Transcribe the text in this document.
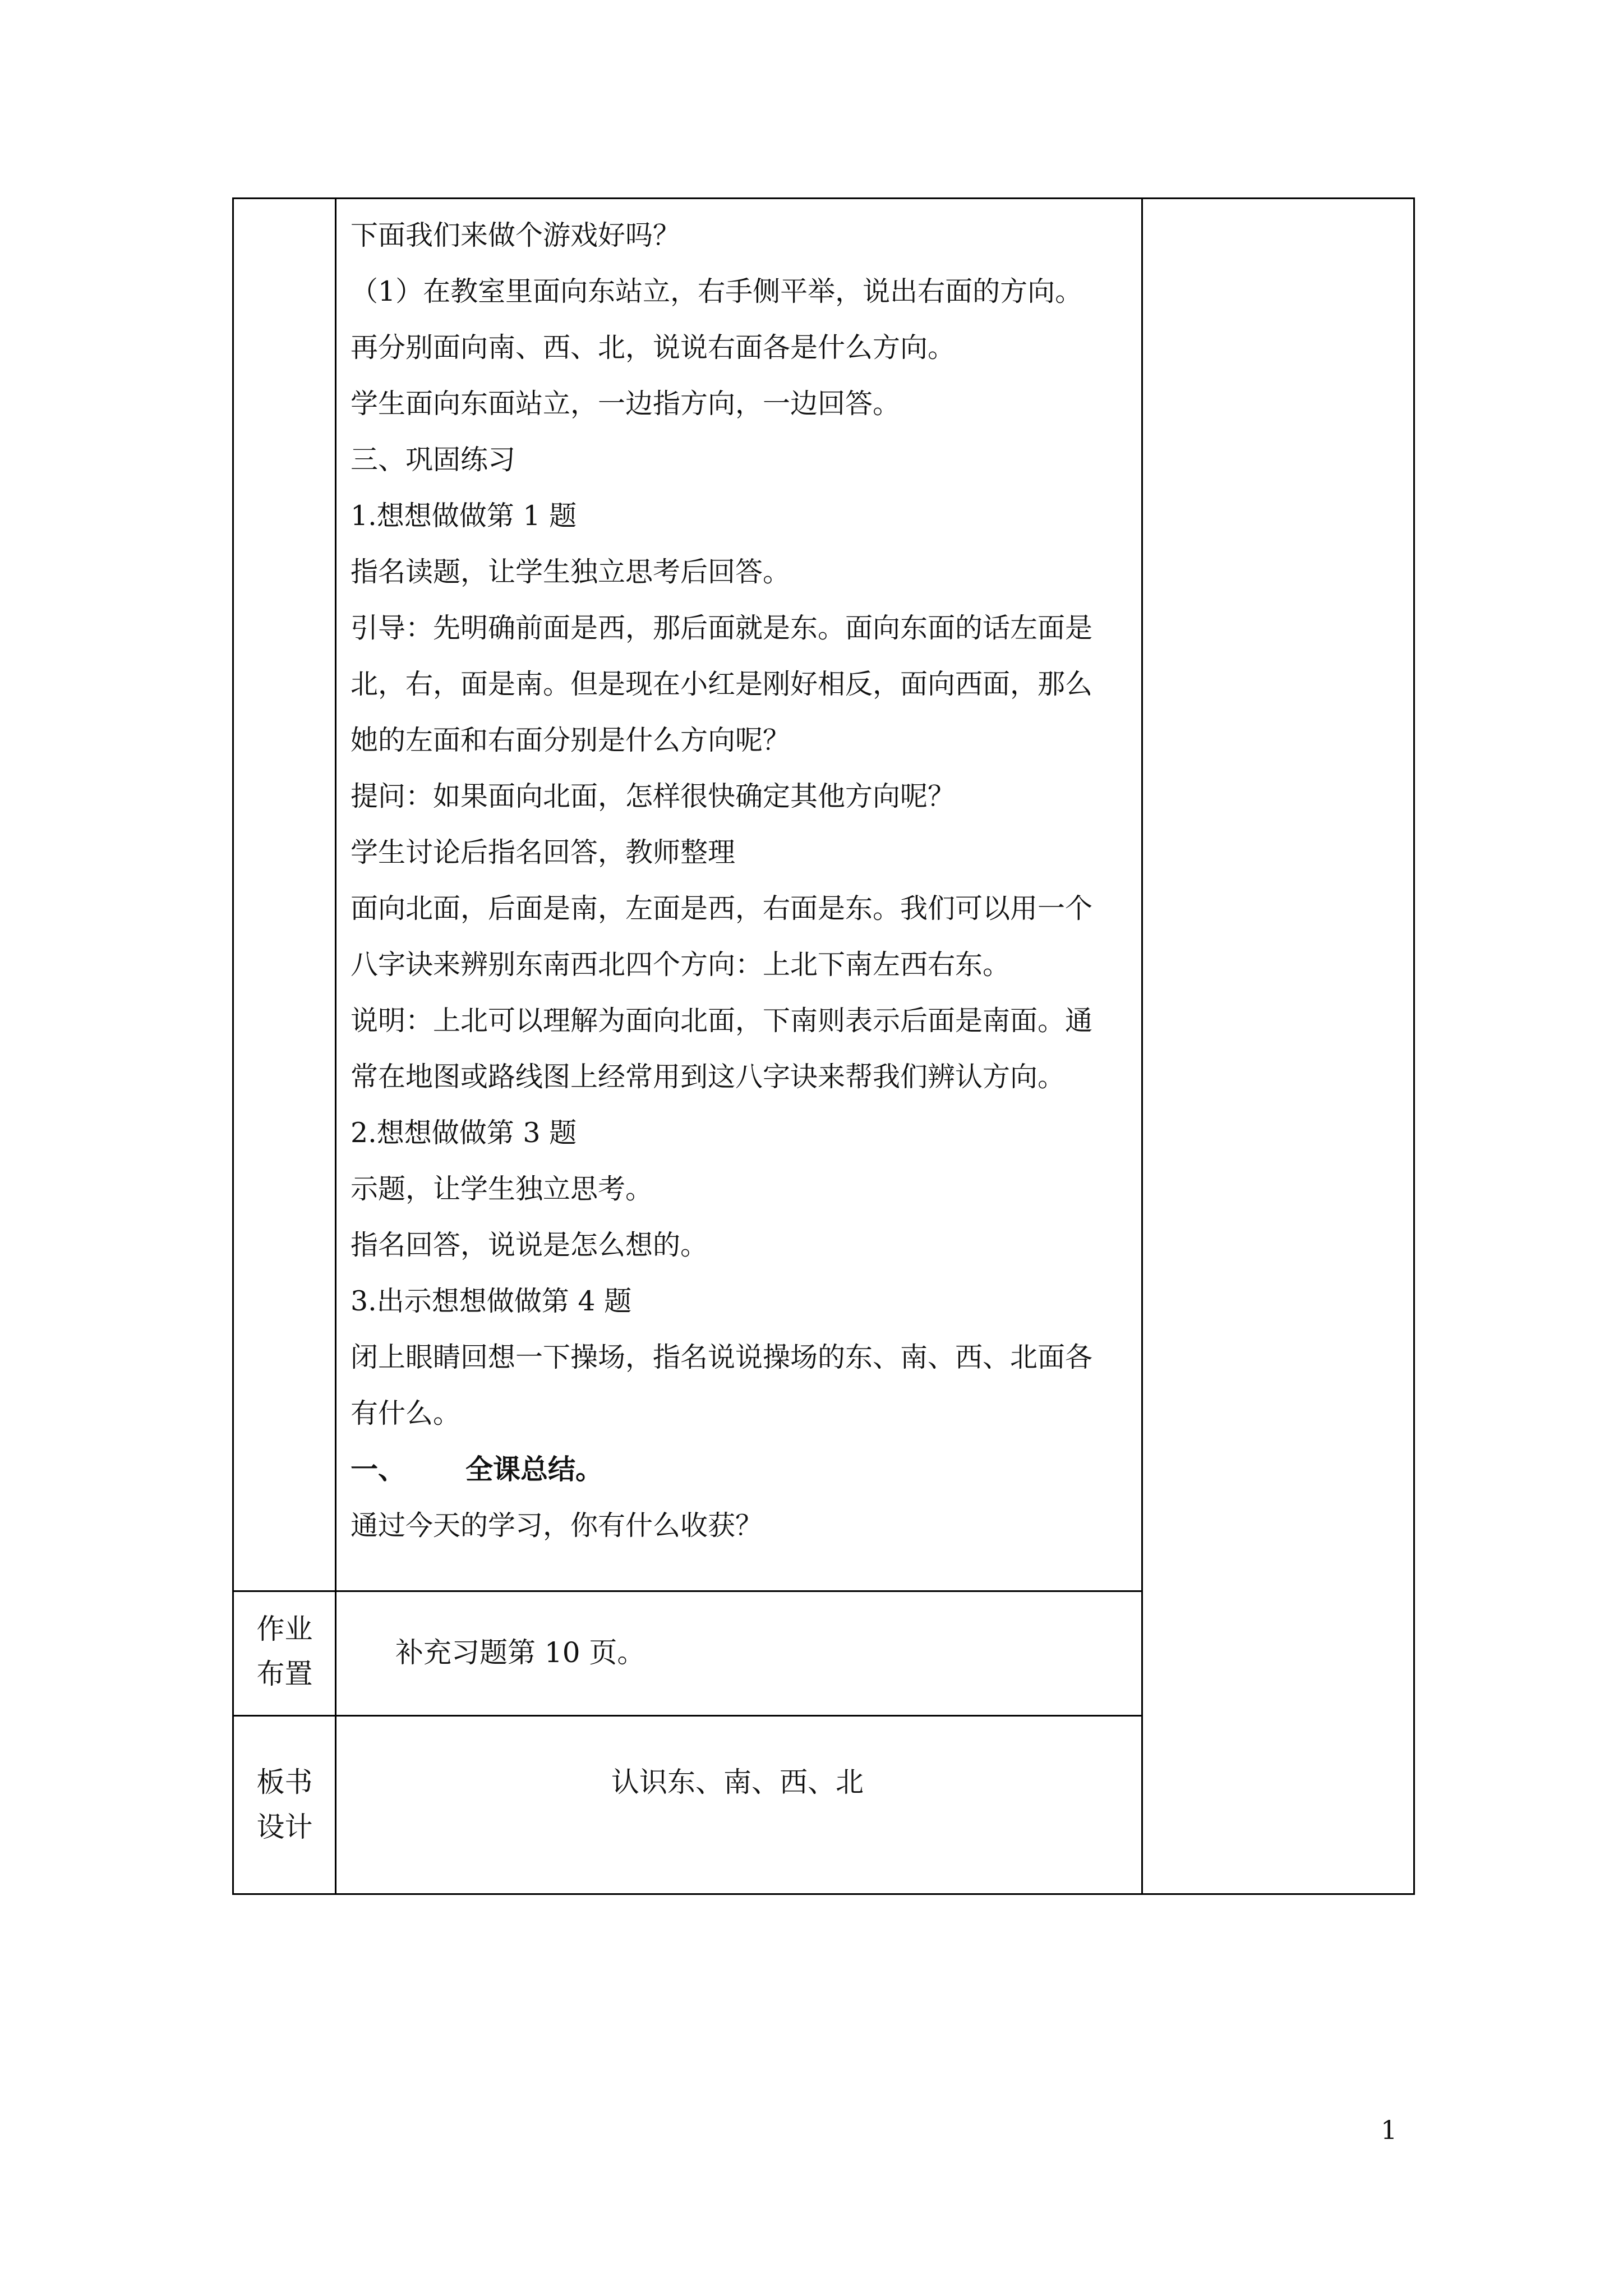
下面我们来做个游戏好吗？

（1）在教室里面向东站立，右手侧平举，说出右面的方向。

再分别面向南、西、北，说说右面各是什么方向。

学生面向东面站立，一边指方向，一边回答。

三、巩固练习

1.想想做做第 1 题

指名读题，让学生独立思考后回答。

引导：先明确前面是西，那后面就是东。面向东面的话左面是

北，右，面是南。但是现在小红是刚好相反，面向西面，那么

她的左面和右面分别是什么方向呢？

提问：如果面向北面，怎样很快确定其他方向呢？

学生讨论后指名回答，教师整理

面向北面，后面是南，左面是西，右面是东。我们可以用一个

八字诀来辨别东南西北四个方向：上北下南左西右东。

说明：上北可以理解为面向北面，下南则表示后面是南面。通

常在地图或路线图上经常用到这八字诀来帮我们辨认方向。

2.想想做做第 3 题

示题，让学生独立思考。

指名回答，说说是怎么想的。

3.出示想想做做第 4 题

闭上眼睛回想一下操场，指名说说操场的东、南、西、北面各

有什么。

一、 全课总结。

通过今天的学习，你有什么收获？

作业
布置
补充习题第 10 页。
板书
设计
认识东、南、西、北
1
